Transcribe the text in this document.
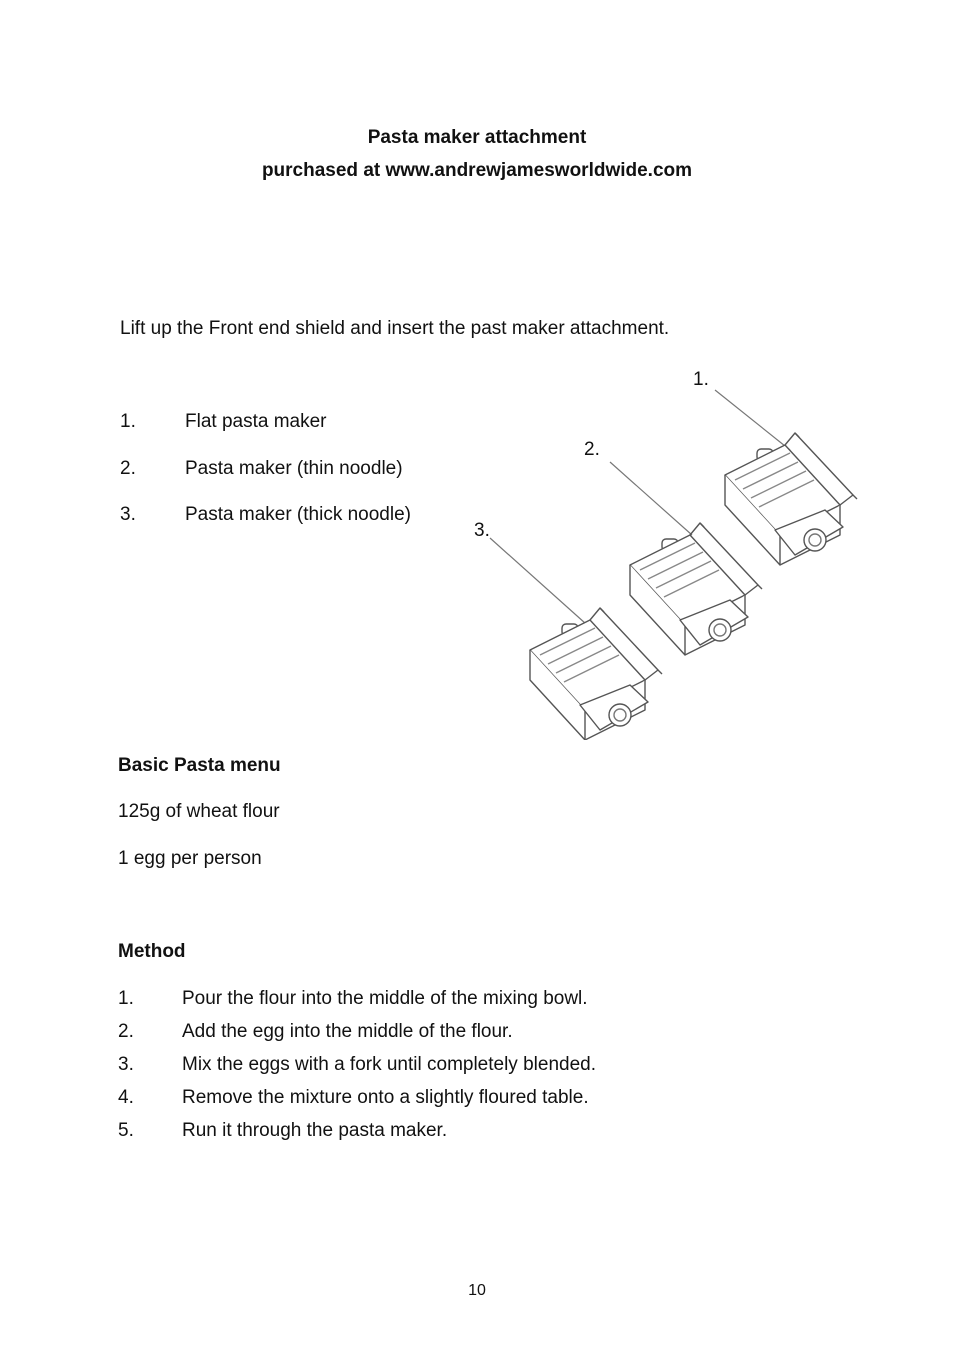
Pasta maker attachment
purchased at www.andrewjamesworldwide.com
Lift up the Front end shield and insert the past maker attachment.
1.	Flat pasta maker
2.	Pasta maker (thin noodle)
3.	Pasta maker (thick noodle)
1.
2.
3.
Basic Pasta menu
125g of wheat flour
1 egg per person
Method
1.	Pour the flour into the middle of the mixing bowl.
2.	Add the egg into the middle of the flour.
3.	Mix the eggs with a fork until completely blended.
4.	Remove the mixture onto a slightly floured table.
5.	Run it through the pasta maker.
10
